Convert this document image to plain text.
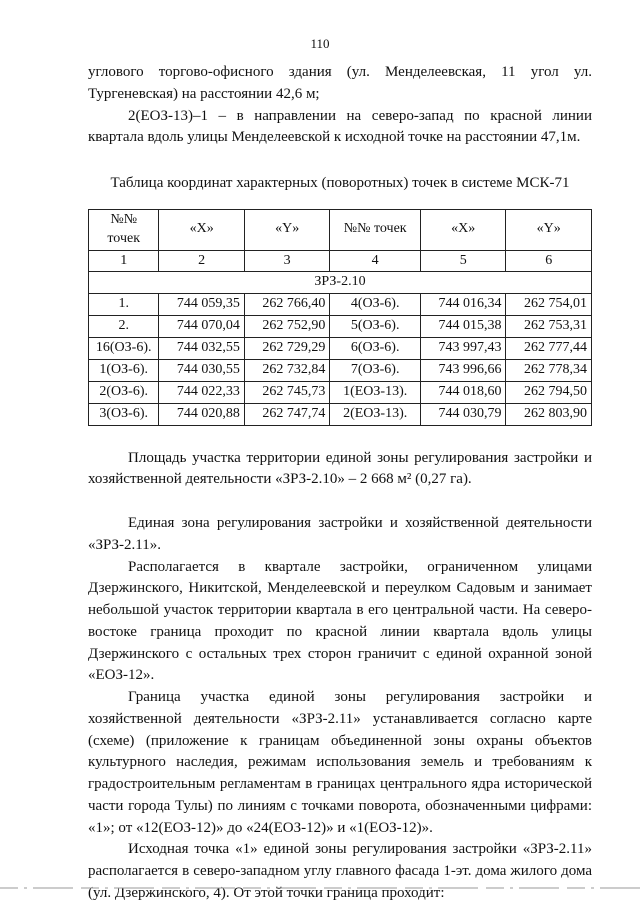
110

углового торгово-офисного здания (ул. Менделеевская, 11 угол ул. Тургеневская) на расстоянии 42,6 м;

2(ЕОЗ-13)–1 – в направлении на северо-запад по красной линии квартала вдоль улицы Менделеевской к исходной точке на расстоянии 47,1м.

Таблица координат характерных (поворотных) точек в системе МСК-71

№№ точек	«X»	«Y»	№№ точек	«X»	«Y»
1	2	3	4	5	6
ЗРЗ-2.10					
1.	744 059,35	262 766,40	4(ОЗ-6).	744 016,34	262 754,01
2.	744 070,04	262 752,90	5(ОЗ-6).	744 015,38	262 753,31
16(ОЗ-6).	744 032,55	262 729,29	6(ОЗ-6).	743 997,43	262 777,44
1(ОЗ-6).	744 030,55	262 732,84	7(ОЗ-6).	743 996,66	262 778,34
2(ОЗ-6).	744 022,33	262 745,73	1(ЕОЗ-13).	744 018,60	262 794,50
3(ОЗ-6).	744 020,88	262 747,74	2(ЕОЗ-13).	744 030,79	262 803,90

Площадь участка территории единой зоны регулирования застройки и хозяйственной деятельности «ЗРЗ-2.10» – 2 668 м² (0,27 га).

Единая зона регулирования застройки и хозяйственной деятельности «ЗРЗ-2.11».

Располагается в квартале застройки, ограниченном улицами Дзержинского, Никитской, Менделеевской и переулком Садовым и занимает небольшой участок территории квартала в его центральной части. На северо-востоке граница проходит по красной линии квартала вдоль улицы Дзержинского с остальных трех сторон граничит с единой охранной зоной «ЕОЗ-12».

Граница участка единой зоны регулирования застройки и хозяйственной деятельности «ЗРЗ-2.11» устанавливается согласно карте (схеме) (приложение к границам объединенной зоны охраны объектов культурного наследия, режимам использования земель и требованиям к градостроительным регламентам в границах центрального ядра исторической части города Тулы) по линиям с точками поворота, обозначенными цифрами: «1»; от «12(ЕОЗ-12)» до «24(ЕОЗ-12)» и «1(ЕОЗ-12)».

Исходная точка «1» единой зоны регулирования застройки «ЗРЗ-2.11» располагается в северо-западном углу главного фасада 1-эт. дома жилого дома (ул. Дзержинского, 4). От этой точки граница проходит:
